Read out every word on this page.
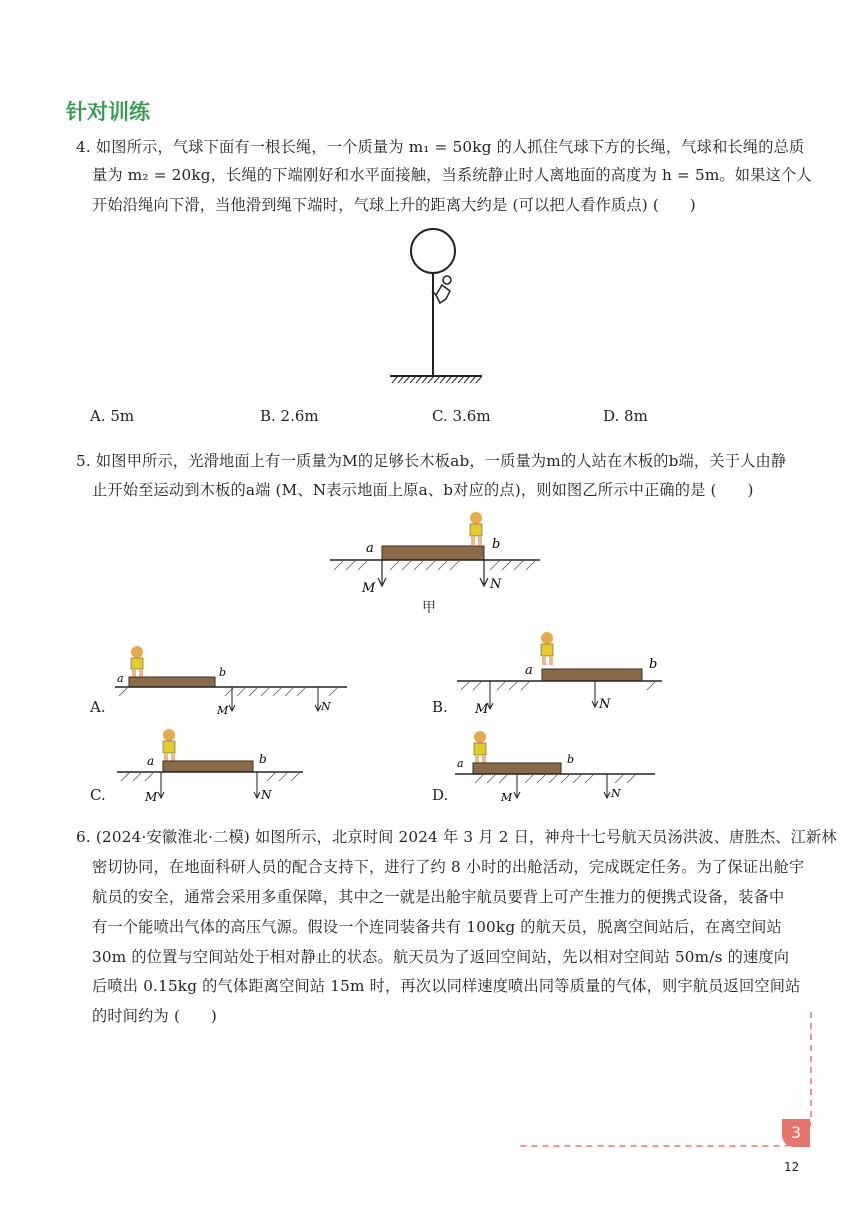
针对训练
4. 如图所示，气球下面有一根长绳，一个质量为 m₁ = 50kg 的人抓住气球下方的长绳，气球和长绳的总质
量为 m₂ = 20kg，长绳的下端刚好和水平面接触，当系统静止时人离地面的高度为 h = 5m。如果这个人
开始沿绳向下滑，当他滑到绳下端时，气球上升的距离大约是 (可以把人看作质点) (　　)
A. 5m	B. 2.6m	C. 3.6m	D. 8m
5. 如图甲所示，光滑地面上有一质量为M的足够长木板ab，一质量为m的人站在木板的b端，关于人由静
止开始至运动到木板的a端 (M、N表示地面上原a、b对应的点)，则如图乙所示中正确的是 (　　)
a	b
M	N
甲
A.
a	b
M	N	B.
a	b
M	N
C.
a	b
M	N	D.
a	b
M	N
6. (2024·安徽淮北·二模) 如图所示，北京时间 2024 年 3 月 2 日，神舟十七号航天员汤洪波、唐胜杰、江新林
密切协同，在地面科研人员的配合支持下，进行了约 8 小时的出舱活动，完成既定任务。为了保证出舱宇
航员的安全，通常会采用多重保障，其中之一就是出舱宇航员要背上可产生推力的便携式设备，装备中
有一个能喷出气体的高压气源。假设一个连同装备共有 100kg 的航天员，脱离空间站后，在离空间站
30m 的位置与空间站处于相对静止的状态。航天员为了返回空间站，先以相对空间站 50m/s 的速度向
后喷出 0.15kg 的气体距离空间站 15m 时，再次以同样速度喷出同等质量的气体，则宇航员返回空间站
的时间约为 (　　)
3
12
